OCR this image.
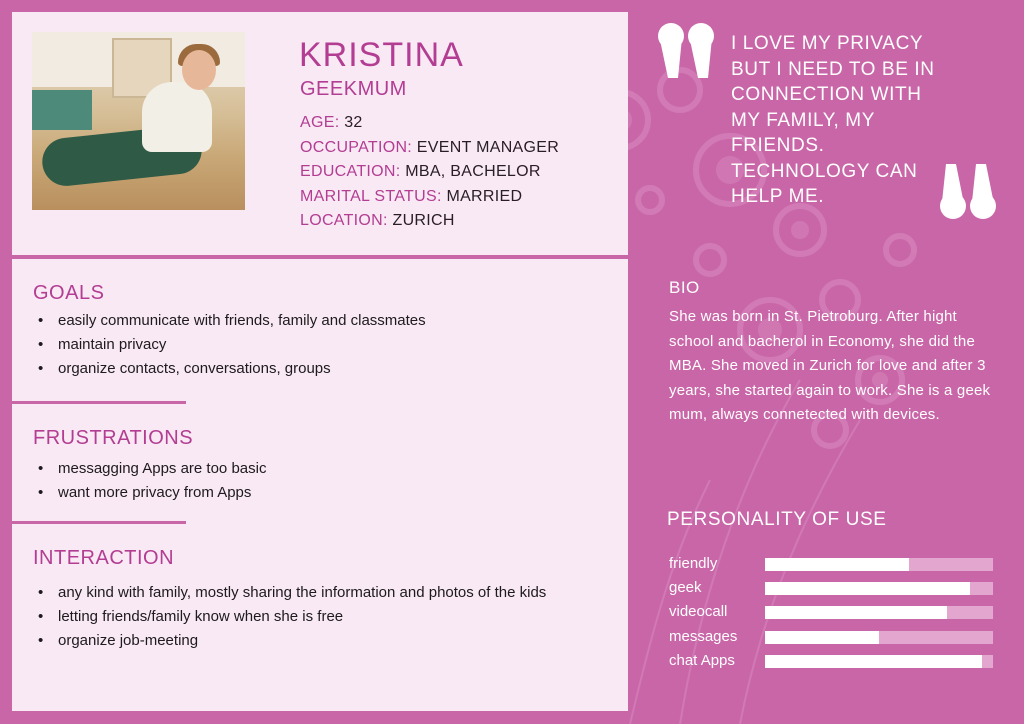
KRISTINA
GEEKMUM
AGE: 32
OCCUPATION: EVENT MANAGER
EDUCATION: MBA, BACHELOR
MARITAL STATUS: MARRIED
LOCATION: ZURICH
GOALS
• easily communicate with friends, family and classmates
• maintain privacy
• organize contacts, conversations, groups
FRUSTRATIONS
• messagging Apps are too basic
• want more privacy from Apps
INTERACTION
• any kind with family, mostly sharing the information and photos of the kids
• letting friends/family know when she is free
• organize job-meeting
I LOVE MY PRIVACY BUT I NEED TO BE IN CONNECTION WITH MY FAMILY, MY FRIENDS. TECHNOLOGY CAN HELP ME.
BIO
She was born in St. Pietroburg. After hight school and bacherol in Economy, she did the MBA. She moved in Zurich for love and after 3 years, she started again to work. She is a geek mum, always connetected with devices.
PERSONALITY OF USE
friendly
geek
videocall
messages
chat Apps
